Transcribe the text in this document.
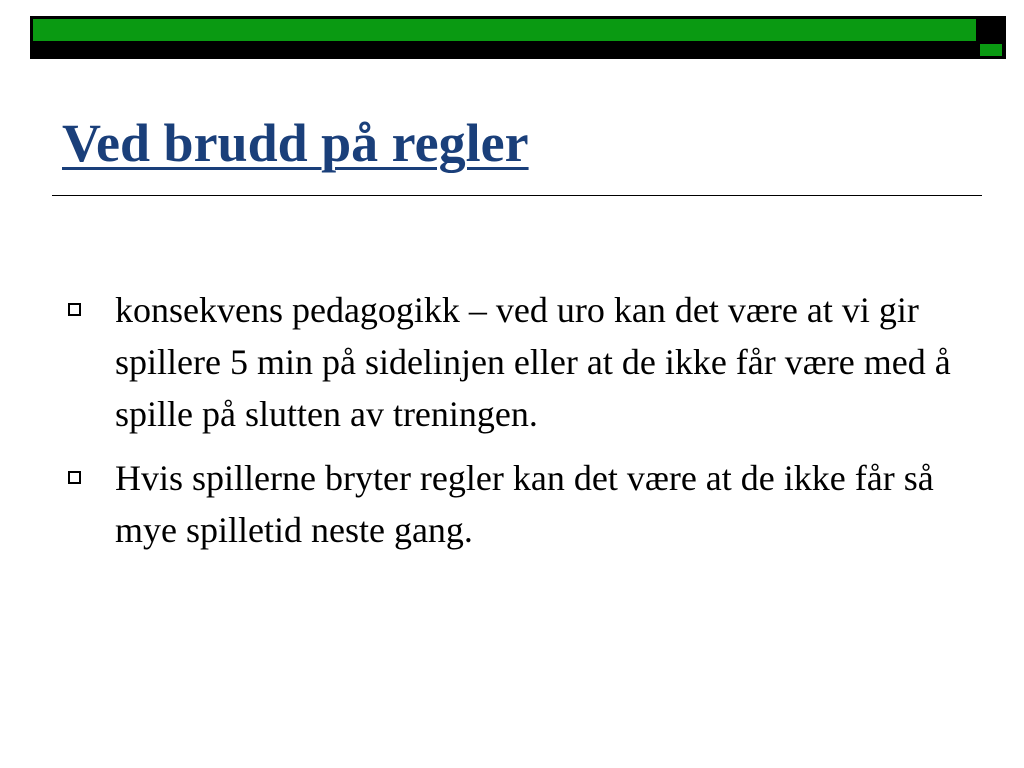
Ved brudd på regler
konsekvens pedagogikk – ved uro kan det være at vi gir spillere 5 min på sidelinjen eller at de ikke får være med å spille på slutten av treningen.
Hvis spillerne bryter regler kan det være at de ikke får så mye spilletid neste gang.
